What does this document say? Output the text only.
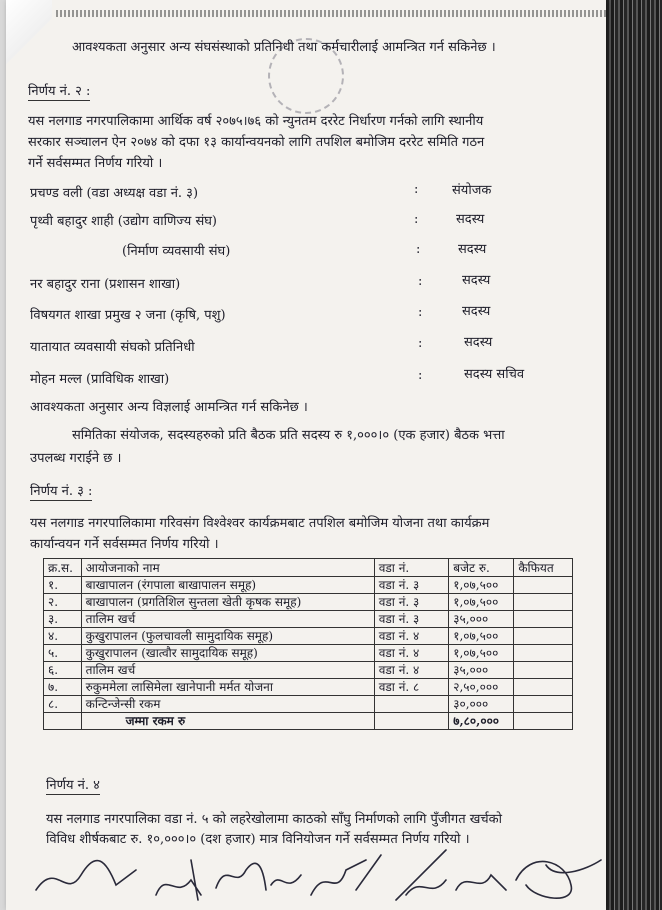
आवश्यकता अनुसार अन्य संघसंस्थाको प्रतिनिधी तथा कर्मचारीलाई आमन्त्रित गर्न सकिनेछ ।
निर्णय नं. २ :
यस नलगाड नगरपालिकामा आर्थिक वर्ष २०७५।७६ को न्युनतम दररेट निर्धारण गर्नको लागि स्थानीय
सरकार सञ्चालन ऐन २०७४ को दफा १३ कार्यान्वयनको लागि तपशिल बमोजिम दररेट समिति गठन
गर्ने सर्वसम्मत निर्णय गरियो ।
प्रचण्ड वली (वडा अध्यक्ष वडा नं. ३)	:	संयोजक
पृथ्वी बहादुर शाही (उद्योग वाणिज्य संघ)	:	सदस्य
(निर्माण व्यवसायी संघ)	:	सदस्य
नर बहादुर राना (प्रशासन शाखा)	:	सदस्य
विषयगत शाखा प्रमुख २ जना (कृषि, पशु)	:	सदस्य
यातायात व्यवसायी संघको प्रतिनिधी	:	सदस्य
मोहन मल्ल (प्राविधिक शाखा)	:	सदस्य सचिव
आवश्यकता अनुसार अन्य विज्ञलाई आमन्त्रित गर्न सकिनेछ ।
समितिका संयोजक, सदस्यहरुको प्रति बैठक प्रति सदस्य रु १,०००।० (एक हजार) बैठक भत्ता
उपलब्ध गराईने छ ।
निर्णय नं. ३ :
यस नलगाड नगरपालिकामा गरिवसंग विश्वेश्वर कार्यक्रमबाट तपशिल बमोजिम योजना तथा कार्यक्रम
कार्यान्वयन गर्ने सर्वसम्मत निर्णय गरियो ।
क्र.स.	आयोजनाको नाम	वडा नं.	बजेट रु.	कैफियत
१.	बाखापालन (रंगपाला बाखापालन समूह)	वडा नं. ३	१,०७,५००	
२.	बाखापालन (प्रगतिशिल सुन्तला खेती कृषक समूह)	वडा नं. ३	१,०७,५००	
३.	तालिम खर्च	वडा नं. ३	३५,०००	
४.	कुखुरापालन (फुलचावली सामुदायिक समूह)	वडा नं. ४	१,०७,५००	
५.	कुखुरापालन (खात्वौर सामुदायिक समूह)	वडा नं. ४	१,०७,५००	
६.	तालिम खर्च	वडा नं. ४	३५,०००	
७.	रुकुममेला लासिमेला खानेपानी मर्मत योजना	वडा नं. ८	२,५०,०००	
८.	कन्टिन्जेन्सी रकम		३०,०००	
	जम्मा रकम रु		७,८०,०००	
निर्णय नं. ४
यस नलगाड नगरपालिका वडा नं. ५ को लहरेखोलामा काठको साँघु निर्माणको लागि पुँजीगत खर्चको
विविध शीर्षकबाट रु. १०,०००।० (दश हजार) मात्र विनियोजन गर्ने सर्वसम्मत निर्णय गरियो ।
